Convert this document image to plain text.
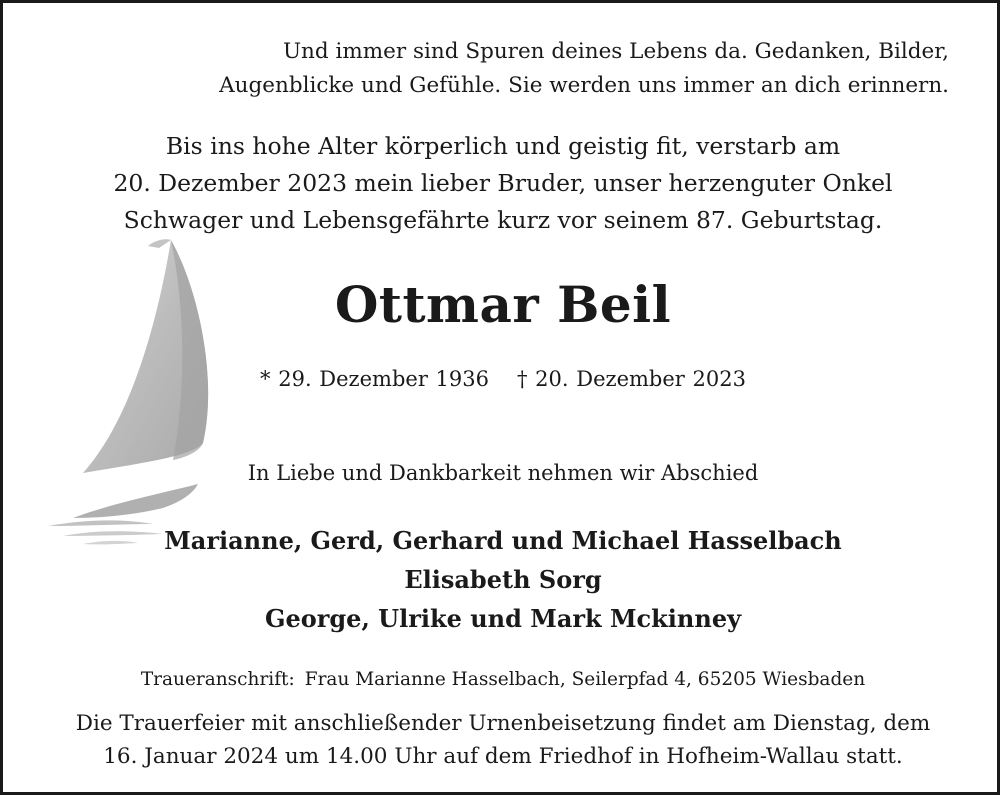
Und immer sind Spuren deines Lebens da. Gedanken, Bilder,
Augenblicke und Gefühle. Sie werden uns immer an dich erinnern.
Bis ins hohe Alter körperlich und geistig fit, verstarb am
20. Dezember 2023 mein lieber Bruder, unser herzenguter Onkel
Schwager und Lebensgefährte kurz vor seinem 87. Geburtstag.
Ottmar Beil
* 29. Dezember 1936 † 20. Dezember 2023
In Liebe und Dankbarkeit nehmen wir Abschied
Marianne, Gerd, Gerhard und Michael Hasselbach
Elisabeth Sorg
George, Ulrike und Mark Mckinney
Traueranschrift: Frau Marianne Hasselbach, Seilerpfad 4, 65205 Wiesbaden
Die Trauerfeier mit anschließender Urnenbeisetzung findet am Dienstag, dem
16. Januar 2024 um 14.00 Uhr auf dem Friedhof in Hofheim-Wallau statt.
